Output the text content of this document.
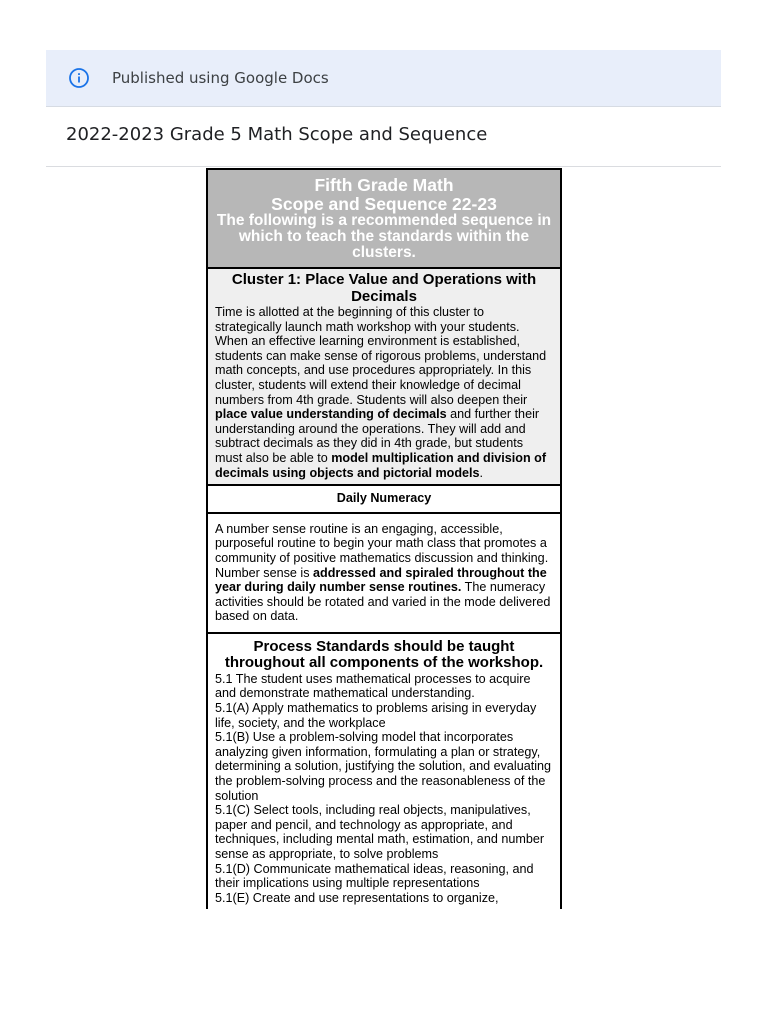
Published using Google Docs
2022-2023 Grade 5 Math Scope and Sequence
Fifth Grade Math
Scope and Sequence 22-23
The following is a recommended sequence in which to teach the standards within the clusters.

Cluster 1: Place Value and Operations with Decimals
Time is allotted at the beginning of this cluster to strategically launch math workshop with your students. When an effective learning environment is established, students can make sense of rigorous problems, understand math concepts, and use procedures appropriately. In this cluster, students will extend their knowledge of decimal numbers from 4th grade. Students will also deepen their place value understanding of decimals and further their understanding around the operations. They will add and subtract decimals as they did in 4th grade, but students must also be able to model multiplication and division of decimals using objects and pictorial models.
Daily Numeracy
A number sense routine is an engaging, accessible, purposeful routine to begin your math class that promotes a community of positive mathematics discussion and thinking. Number sense is addressed and spiraled throughout the year during daily number sense routines. The numeracy activities should be rotated and varied in the mode delivered based on data.

Process Standards should be taught throughout all components of the workshop.
5.1 The student uses mathematical processes to acquire and demonstrate mathematical understanding.
5.1(A) Apply mathematics to problems arising in everyday life, society, and the workplace
5.1(B) Use a problem-solving model that incorporates analyzing given information, formulating a plan or strategy, determining a solution, justifying the solution, and evaluating the problem-solving process and the reasonableness of the solution
5.1(C) Select tools, including real objects, manipulatives, paper and pencil, and technology as appropriate, and techniques, including mental math, estimation, and number sense as appropriate, to solve problems
5.1(D) Communicate mathematical ideas, reasoning, and their implications using multiple representations
5.1(E) Create and use representations to organize,
